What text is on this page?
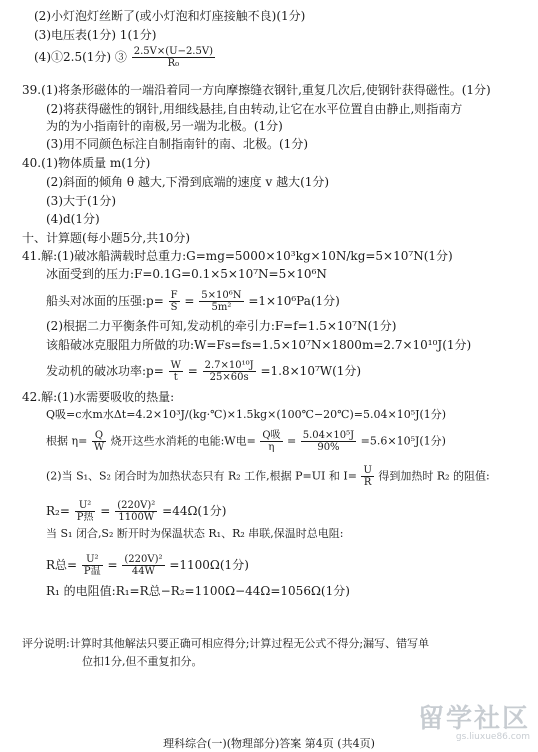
(2)小灯泡灯丝断了(或小灯泡和灯座接触不良)(1分)
(3)电压表(1分) 1(1分)
(4)①2.5(1分) ③ $\frac{2.5V\times(U-2.5V)}{\text{R₀}}$
39.(1)将条形磁体的一端沿着同一方向摩擦缝衣钢针,重复几次后,使钢针获得磁性。(1分)
(2)将获得磁性的钢针,用细线悬挂,自由转动,让它在水平位置自由静止,则指南方
为的为小指南针的南极,另一端为北极。(1分)
(3)用不同颜色标注自制指南针的南、北极。(1分)
40.(1)物体质量 m(1分)
(2)斜面的倾角 θ 越大,下滑到底端的速度 v 越大(1分)
(3)大于(1分)
(4)d(1分)
十、计算题(每小题5分,共10分)
41.解:(1)破冰船满载时总重力:G=mg=5000×10³kg×10N/kg=5×10⁷N(1分)
冰面受到的压力:F=0.1G=0.1×5×10⁷N=5×10⁶N
船头对冰面的压强:p= $\frac{F}{S} = \frac{\text{5×10⁶N}}{\text{5m²}} =1\times 10^6Pa(1$分)
(2)根据二力平衡条件可知,发动机的牵引力:F=f=1.5×10⁷N(1分)
该船破冰克服阻力所做的功:W=Fs=fs=1.5×10⁷N×1800m=2.7×10¹⁰J(1分)
发动机的破冰功率:p= $\frac{W}{t} = \frac{\text{2.7×10¹⁰J}}{25\times 60s} =1.8\times 10^7W(1$分)
42.解:(1)水需要吸收的热量:
Q吸=c水m水Δt=4.2×10³J/(kg·℃)×1.5kg×(100℃−20℃)=5.04×10⁵J(1分)
根据 $\eta= \frac{Q}{W}$ 烧开这些水消耗的电能:W电= $\frac{\text{Q吸}}{\eta} = \frac{\text{5.04×10⁵J}}{90\%} =5.6\times 10^5J(1$分)
(2)当 S₁、S₂ 闭合时为加热状态只有 R₂ 工作,根据 P=UI 和 $I= \frac{U}{R}$ 得到加热时 R₂ 的阻值:
$R_2= \frac{\text{U²}}{\text{P热}} = \frac{\text{(220V)²}}{1100W} =44\Omega(1$分)
当 S₁ 闭合,S₂ 断开时为保温状态 R₁、R₂ 串联,保温时总电阻:
R总= $\frac{\text{U²}}{\text{P温}} = \frac{\text{(220V)²}}{44W} =1100\Omega(1$分)
R₁ 的电阻值:R₁=R总−R₂=1100Ω−44Ω=1056Ω(1分)
评分说明:计算时其他解法只要正确可相应得分;计算过程无公式不得分;漏写、错写单
位扣1分,但不重复扣分。
理科综合(一)(物理部分)答案 第4页 (共4页)
留学社区
gs.liuxue86.com
